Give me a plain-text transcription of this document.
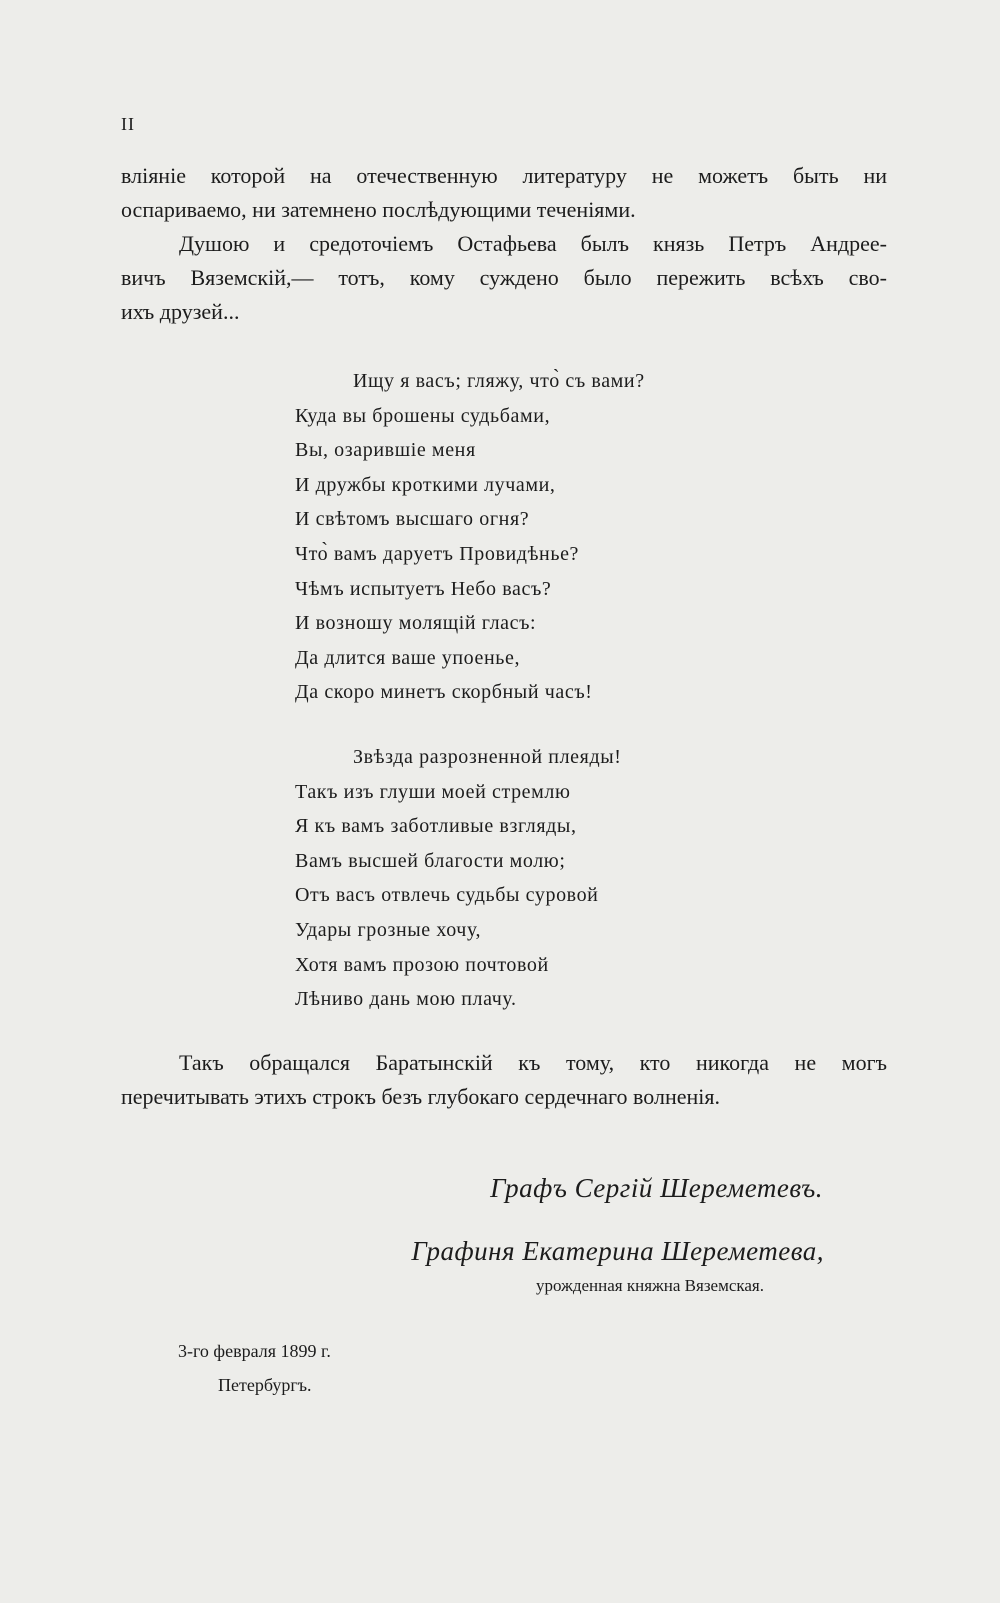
II

вліяніе которой на отечественную литературу не можетъ быть ни
оспариваемо, ни затемнено послѣдующими теченіями.

Душою и средоточіемъ Остафьева былъ князь Петръ Андрее-
вичъ Вяземскій,— тотъ, кому суждено было пережить всѣхъ сво-
ихъ друзей...

Ищу я васъ; гляжу, что̀ съ вами?
Куда вы брошены судьбами,
Вы, озарившіе меня
И дружбы кроткими лучами,
И свѣтомъ высшаго огня?
Что̀ вамъ даруетъ Провидѣнье?
Чѣмъ испытуетъ Небо васъ?
И возношу молящій гласъ:
Да длится ваше упоенье,
Да скоро минетъ скорбный часъ!
Звѣзда разрозненной плеяды!
Такъ изъ глуши моей стремлю
Я къ вамъ заботливые взгляды,
Вамъ высшей благости молю;
Отъ васъ отвлечь судьбы суровой
Удары грозные хочу,
Хотя вамъ прозою почтовой
Лѣниво дань мою плачу.

Такъ обращался Баратынскій къ тому, кто никогда не могъ
перечитывать этихъ строкъ безъ глубокаго сердечнаго волненія.

Графъ Сергій Шереметевъ.
Графиня Екатерина Шереметева,
урожденная княжна Вяземская.
3-го февраля 1899 г.
Петербургъ.
